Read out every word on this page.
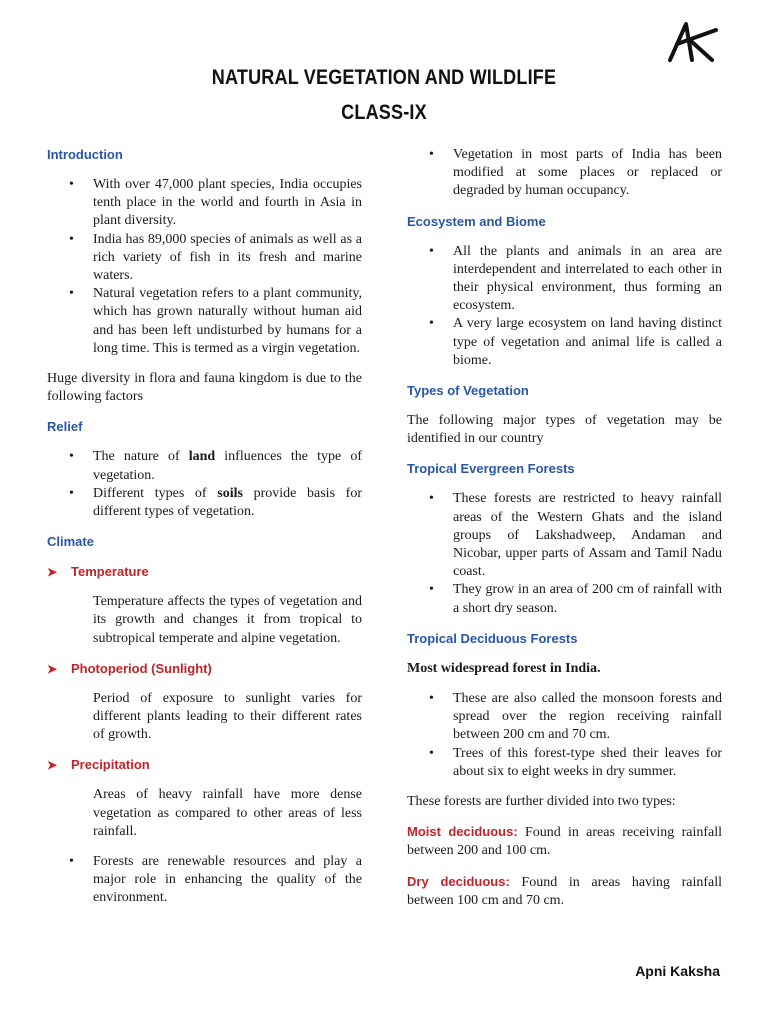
NATURAL VEGETATION AND WILDLIFE
CLASS-IX
Introduction
• With over 47,000 plant species, India occupies tenth place in the world and fourth in Asia in plant diversity.
• India has 89,000 species of animals as well as a rich variety of fish in its fresh and marine waters.
• Natural vegetation refers to a plant community, which has grown naturally without human aid and has been left undisturbed by humans for a long time. This is termed as a virgin vegetation.

Huge diversity in flora and fauna kingdom is due to the following factors

Relief
• The nature of land influences the type of vegetation.
• Different types of soils provide basis for different types of vegetation.
Climate
➤ Temperature

Temperature affects the types of vegetation and its growth and changes it from tropical to subtropical temperate and alpine vegetation.

➤ Photoperiod (Sunlight)

Period of exposure to sunlight varies for different plants leading to their different rates of growth.

➤ Precipitation

Areas of heavy rainfall have more dense vegetation as compared to other areas of less rainfall.

• Forests are renewable resources and play a major role in enhancing the quality of the environment.
• Vegetation in most parts of India has been modified at some places or replaced or degraded by human occupancy.
Ecosystem and Biome
• All the plants and animals in an area are interdependent and interrelated to each other in their physical environment, thus forming an ecosystem.
• A very large ecosystem on land having distinct type of vegetation and animal life is called a biome.
Types of Vegetation

The following major types of vegetation may be identified in our country

Tropical Evergreen Forests
• These forests are restricted to heavy rainfall areas of the Western Ghats and the island groups of Lakshadweep, Andaman and Nicobar, upper parts of Assam and Tamil Nadu coast.
• They grow in an area of 200 cm of rainfall with a short dry season.
Tropical Deciduous Forests

Most widespread forest in India.

• These are also called the monsoon forests and spread over the region receiving rainfall between 200 cm and 70 cm.
• Trees of this forest-type shed their leaves for about six to eight weeks in dry summer.

These forests are further divided into two types:

Moist deciduous: Found in areas receiving rainfall between 200 and 100 cm.

Dry deciduous: Found in areas having rainfall between 100 cm and 70 cm.

Apni Kaksha
